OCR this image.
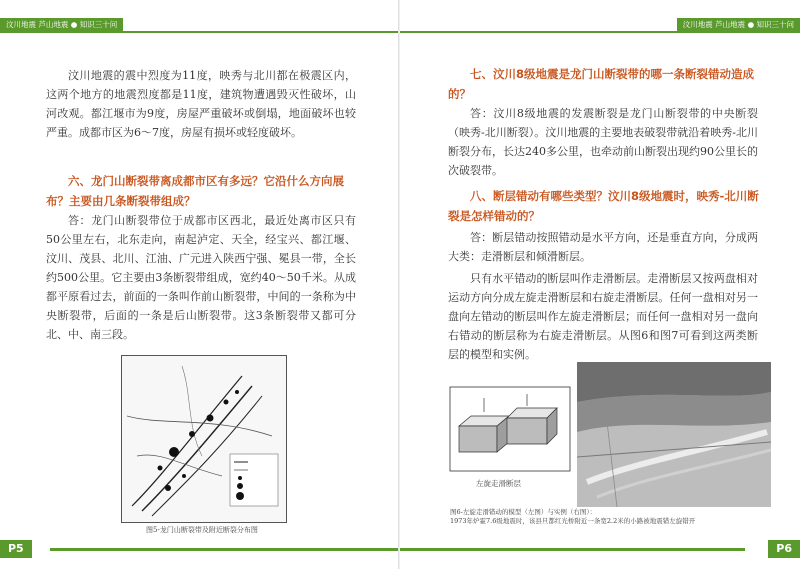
汶川地震 芦山地震 ● 知识三十问

汶川地震的震中烈度为11度，映秀与北川都在极震区内，这两个地方的地震烈度都是11度，建筑物遭遇毁灭性破坏，山河改观。都江堰市为9度，房屋严重破坏或倒塌，地面破坏也较严重。成都市区为6～7度，房屋有损坏或轻度破坏。

六、龙门山断裂带离成都市区有多远？它沿什么方向展布？主要由几条断裂带组成？

答：龙门山断裂带位于成都市区西北，最近处离市区只有50公里左右，北东走向，南起泸定、天全，经宝兴、都江堰、汶川、茂县、北川、江油、广元进入陕西宁强、冕县一带，全长约500公里。它主要由3条断裂带组成，宽约40～50千米。从成都平原看过去，前面的一条叫作前山断裂带，中间的一条称为中央断裂带，后面的一条是后山断裂带。这3条断裂带又都可分北、中、南三段。

图5-龙门山断裂带及附近断裂分布图
P5
汶川地震 芦山地震 ● 知识三十问

七、汶川8级地震是龙门山断裂带的哪一条断裂错动造成的？

答：汶川8级地震的发震断裂是龙门山断裂带的中央断裂（映秀-北川断裂）。汶川地震的主要地表破裂带就沿着映秀-北川断裂分布，长达240多公里，也牵动前山断裂出现约90公里长的次破裂带。

八、断层错动有哪些类型？汶川8级地震时，映秀-北川断裂是怎样错动的？

答：断层错动按照错动是水平方向，还是垂直方向，分成两大类：走滑断层和倾滑断层。

只有水平错动的断层叫作走滑断层。走滑断层又按两盘相对运动方向分成左旋走滑断层和右旋走滑断层。任何一盘相对另一盘向左错动的断层叫作左旋走滑断层；而任何一盘相对另一盘向右错动的断层称为右旋走滑断层。从图6和图7可看到这两类断层的模型和实例。

图6-左旋走滑错动的模型（左图）与实例（右图）：
1973年炉霍7.6级地震时，该县旦都红光桥附近一条宽2.2米的小路被地震错左旋错开
P6
左旋走滑断层
